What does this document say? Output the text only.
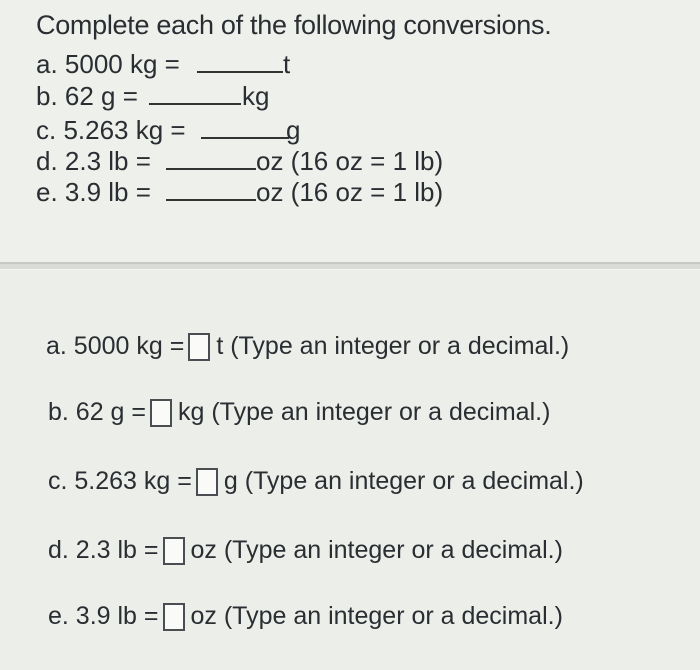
Complete each of the following conversions.
a. 5000 kg =	t
b. 62 g =	kg
c. 5.263 kg =	g
d. 2.3 lb =	oz (16 oz = 1 lb)
e. 3.9 lb =	oz (16 oz = 1 lb)
a. 5000 kg = t (Type an integer or a decimal.)
b. 62 g = kg (Type an integer or a decimal.)
c. 5.263 kg = g (Type an integer or a decimal.)
d. 2.3 lb = oz (Type an integer or a decimal.)
e. 3.9 lb = oz (Type an integer or a decimal.)
